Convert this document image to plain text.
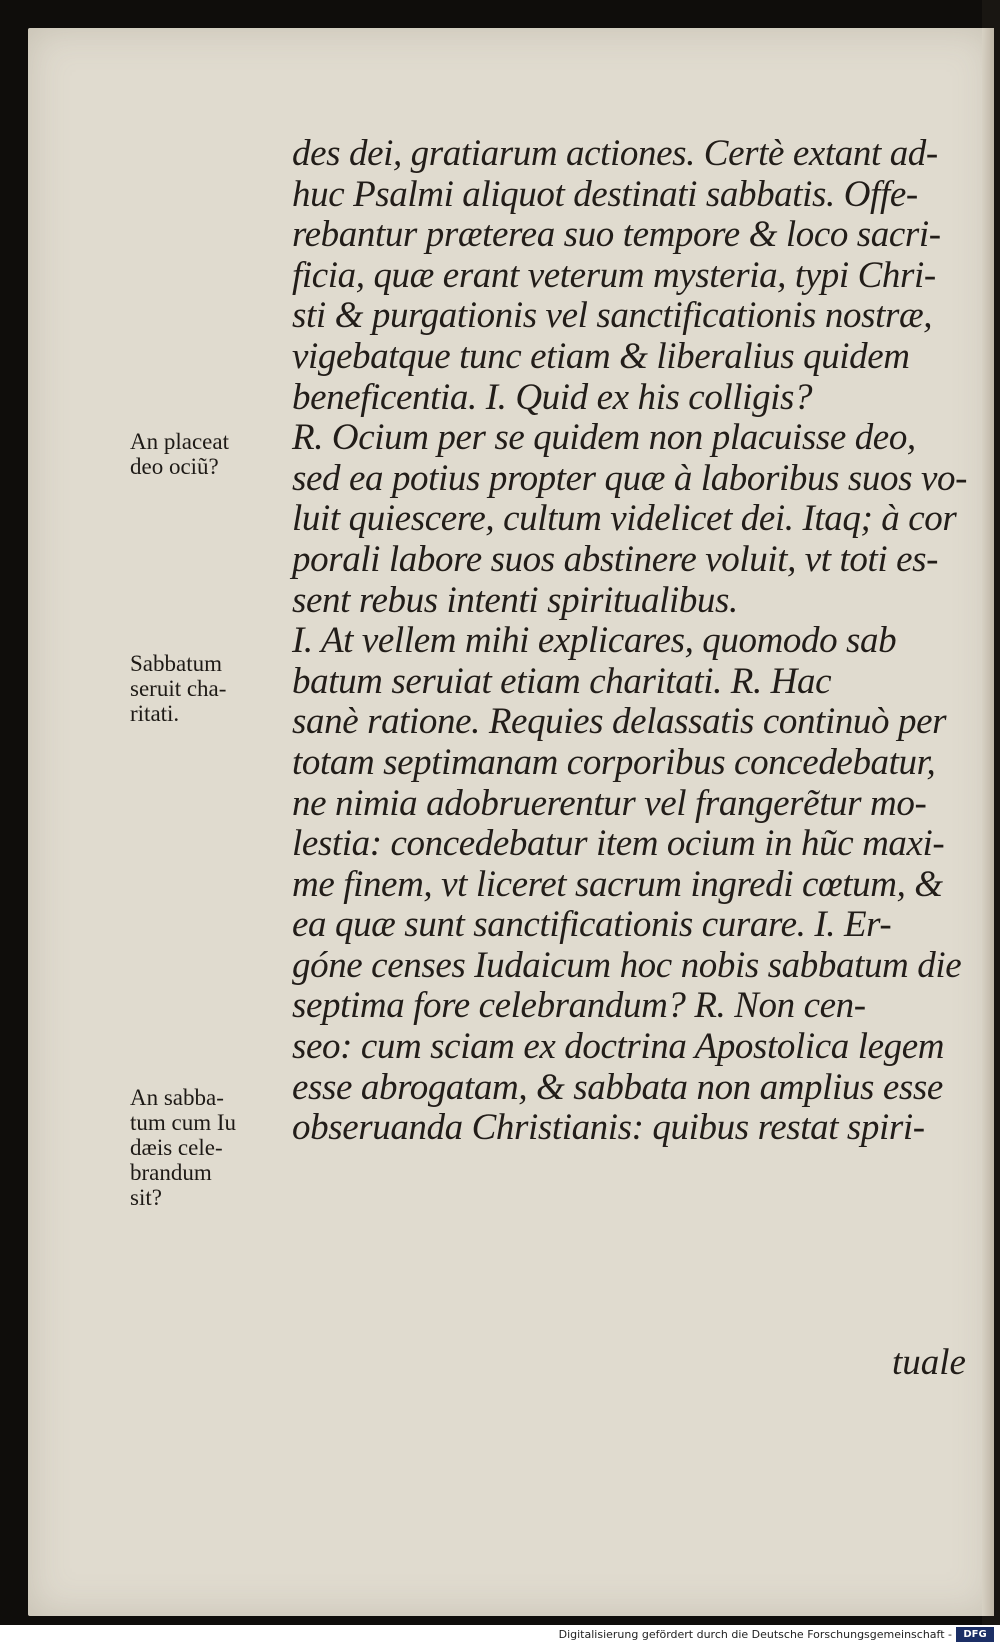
An placeat
deo ociũ?
Sabbatum
seruit cha-
ritati.
An sabba-
tum cum Iu
dæis cele-
brandum
sit?
des dei, gratiarum actiones. Certè extant ad-
huc Psalmi aliquot destinati sabbatis. Offe-
rebantur præterea suo tempore & loco sacri-
ficia, quæ erant veterum mysteria, typi Chri-
sti & purgationis vel sanctificationis nostræ,
vigebatque tunc etiam & liberalius quidem
beneficentia. I. Quid ex his colligis?
R. Ocium per se quidem non placuisse deo,
sed ea potius propter quæ à laboribus suos vo-
luit quiescere, cultum videlicet dei. Itaq; à cor
porali labore suos abstinere voluit, vt toti es-
sent rebus intenti spiritualibus.
I. At vellem mihi explicares, quomodo sab
batum seruiat etiam charitati. R. Hac
sanè ratione. Requies delassatis continuò per
totam septimanam corporibus concedebatur,
ne nimia adobruerentur vel frangerẽtur mo-
lestia: concedebatur item ocium in hũc maxi-
me finem, vt liceret sacrum ingredi cœtum, &
ea quæ sunt sanctificationis curare. I. Er-
góne censes Iudaicum hoc nobis sabbatum die
septima fore celebrandum? R. Non cen-
seo: cum sciam ex doctrina Apostolica legem
esse abrogatam, & sabbata non amplius esse
obseruanda Christianis: quibus restat spiri-
tuale
Digitalisierung gefördert durch die Deutsche Forschungsgemeinschaft -	DFG
